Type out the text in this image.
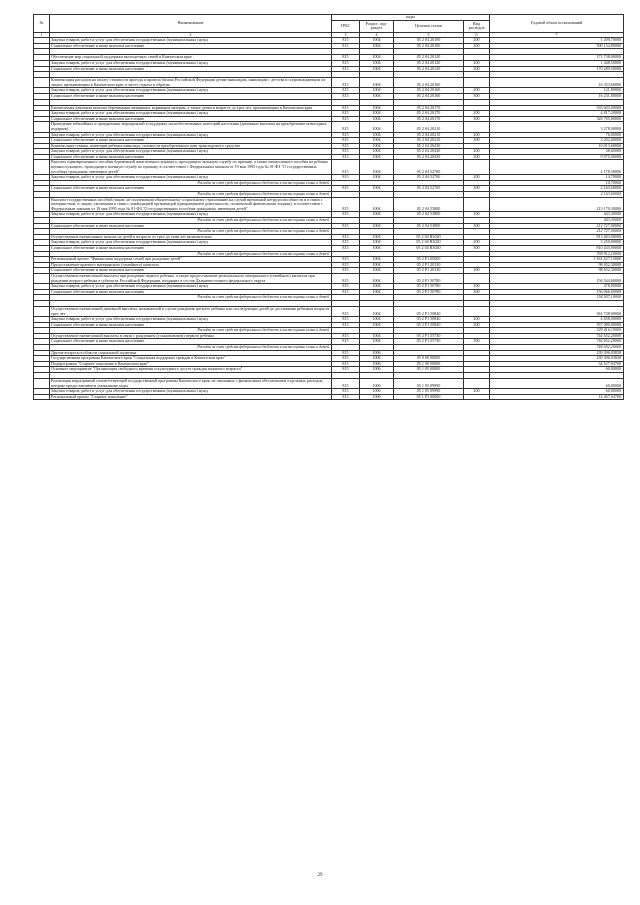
№	Наименование	коды				Годовой объем ассигнований
		ГРБС	Раздел, под-раздел	Целевая статья	Вид расходов	
1	2	3	4	5	6	7
	Закупка товаров, работ и услуг для обеспечения государственных (муниципальных) нужд	815	1004	05 2 04 20100	200	1 209,70000
	Социальное обеспечение и иные выплаты населению	815	1004	05 2 04 20100	300	500 154,80000

	Обеспечение мер социальной поддержки многодетных семей в Камчатском крае	815	1004	05 2 04 20120		171 738,00000
	Закупка товаров, работ и услуг для обеспечения государственных (муниципальных) нужд	815	1004	05 2 04 20120	200	1 448,50000
	Социальное обеспечение и иные выплаты населению	815	1004	05 2 04 20120	300	170 289,50000

	Компенсация расходов на оплату стоимости проезда и провоза багажа Российской Федерации детям-инвалидам, инвалидам с детства и сопровождающим их лицам, проживающим в Камчатском крае, к месту отдыха и обратно	815	1004	05 2 04 20160		16 353,60000
	Закупка товаров, работ и услуг для обеспечения государственных (муниципальных) нужд	815	1004	05 2 04 20160	200	121,80000
	Социальное обеспечение и иные выплаты населению	815	1004	05 2 04 20160	300	16 231,80000

	Ежемесячная денежная выплата беременным женщинам, кормящим матерям, а также детям в возрасте до трех лет, проживающим в Камчатском крае	815	1004	05 2 04 20170		333 603,00000
	Закупка товаров, работ и услуг для обеспечения государственных (муниципальных) нужд	815	1004	05 2 04 20170	200	4 817,20000
	Социальное обеспечение и иные выплаты населению	815	1004	05 2 04 20170	300	328 785,80000
	Проведение юбилейных и праздничных мероприятий в поддержку малообеспеченных категорий населения (денежные выплаты на приобретение новогодних подарков)	815	1004	05 2 04 20210		3 278,00000
	Закупка товаров, работ и услуг для обеспечения государственных (муниципальных) нужд	815	1004	05 2 04 20210	200	76,00000
	Социальное обеспечение и иные выплаты населению	815	1004	05 2 04 20210	300	3 202,00000
	Компенсация семьям, имеющим ребенка-инвалида, стоимости приобретенного ими транспортного средства	815	1004	05 2 04 20430		10 013,60000
	Закупка товаров, работ и услуг для обеспечения государственных (муниципальных) нужд	815	1004	05 2 04 20430	200	38,60000
	Социальное обеспечение и иные выплаты населению	815	1004	05 2 04 20430	300	9 975,00000
	Выплата единовременного пособия беременной жене военнослужащего, проходящего военную службу по призыву, а также ежемесячного пособия на ребенка военнослужащего, проходящего военную службу по призыву, в соответствии с Федеральным законом от 19 мая 1995 года № 81-ФЗ "О государственных пособиях гражданам, имеющим детей"	815	1004	05 2 04 52700		2 178,30000
	Закупка товаров, работ и услуг для обеспечения государственных (муниципальных) нужд	815	1004	05 2 04 52700	200	14,70000
	Расходы за счет средств федерального бюджета в части охраны семьи и детей					14,70000
	Социальное обеспечение и иные выплаты населению	815	1004	05 2 04 52700	300	2 163,60000
	Расходы за счет средств федерального бюджета в части охраны семьи и детей					2 163,60000
	Выплата государственных пособий лицам, не подлежащим обязательному социальному страхованию на случай временной нетрудоспособности и в связи с материнством, и лицам, уволенным в связи с ликвидацией организаций (прекращением деятельности, полномочий физическими лицами), в соответствии с Федеральным законом от 19 мая 1995 года № 81-ФЗ "О государственных пособиях гражданам, имеющим детей"	815	1004	05 2 04 53800		213 170,30000
	Закупка товаров, работ и услуг для обеспечения государственных (муниципальных) нужд	815	1004	05 2 04 53800	200	443,30000
	Расходы за счет средств федерального бюджета в части охраны семьи и детей					443,30000
	Социальное обеспечение и иные выплаты населению	815	1004	05 2 04 53800	300	212 727,00000
	Расходы за счет средств федерального бюджета в части охраны семьи и детей					212 727,00000
	Осуществление ежемесячных выплат на детей в возрасте от трех до семи лет включительно	815	1004	05 2 04 R3020		813 683,90000
	Закупка товаров, работ и услуг для обеспечения государственных (муниципальных) нужд	815	1004	05 2 04 R3020	200	3 250,00000
	Социальное обеспечение и иные выплаты населению	815	1004	05 2 04 R3020	300	810 433,90000
	Расходы за счет средств федерального бюджета в части охраны семьи и детей					769 912,10000
	Региональный проект "Финансовая поддержка семей при рождении детей"	815	1004	05 2 P1 00000		1 361 527,10000
	Предоставление краевого материнского (семейного) капитала	815	1004	05 2 P1 20130		98 652,30000
	Социальное обеспечение и иные выплаты населению	815	1004	05 2 P1 20130	300	98 652,30000
	Осуществление ежемесячной выплаты при рождении первого ребенка, а также предоставление регионального материнского (семейного) капитала при рождении второго ребенка в субъектах Российской Федерации, входящих в состав Дальневосточного федерального округа	815	1004	05 2 P1 50780		156 544,60000
	Закупка товаров, работ и услуг для обеспечения государственных (муниципальных) нужд	815	1004	05 2 P1 50780	200	478,00000
	Социальное обеспечение и иные выплаты населению	815	1004	05 2 P1 50780	300	156 066,60000
	Расходы за счет средств федерального бюджета в части охраны семьи и детей					154 507,10000

	Осуществление ежемесячной денежной выплаты, назначаемой в случае рождения третьего ребенка или последующих детей до достижения ребенком возраста трех лет	815	1004	05 2 P1 50840		361 738,00000
	Закупка товаров, работ и услуг для обеспечения государственных (муниципальных) нужд	815	1004	05 2 P1 50840	200	4 658,00000
	Социальное обеспечение и иные выплаты населению	815	1004	05 2 P1 50840	300	357 080,00000
	Расходы за счет средств федерального бюджета в части охраны семьи и детей					329 416,10000
	Осуществление ежемесячной выплаты в связи с рождением (усыновлением) первого ребенка	815	1004	05 2 P1 55730		744 652,20000
	Социальное обеспечение и иные выплаты населению	815	1004	05 2 P1 55730	300	744 652,20000
	Расходы за счет средств федерального бюджета в части охраны семьи и детей					744 652,20000
	Другие вопросы в области социальной политики	815	1006			239 396,03838
	Государственная программа Камчатского края "Социальная поддержка граждан в Камчатском крае"	815	1006	05 0 00 00000		239 396,03838
	Подпрограмма "Старшее поколение в Камчатском крае"	815	1006	05 1 00 00000		34 527,04700
	Основное мероприятие "Организация свободного времени и культурного досуга граждан пожилого возраста"	815	1006	05 1 05 00000		60,00000

	Реализация мероприятий соответствующей государственной программы Камчатского края, не связанных с финансовым обеспечением отдельных расходов, которые предоставляются уникальные коды	815	1006	05 1 05 09990		60,00000
	Закупка товаров, работ и услуг для обеспечения государственных (муниципальных) нужд	815	1006	05 1 05 09990	200	60,00000
	Региональный проект "Старшее поколение"	815	1006	05 1 P3 00000		14 467,04700
29
